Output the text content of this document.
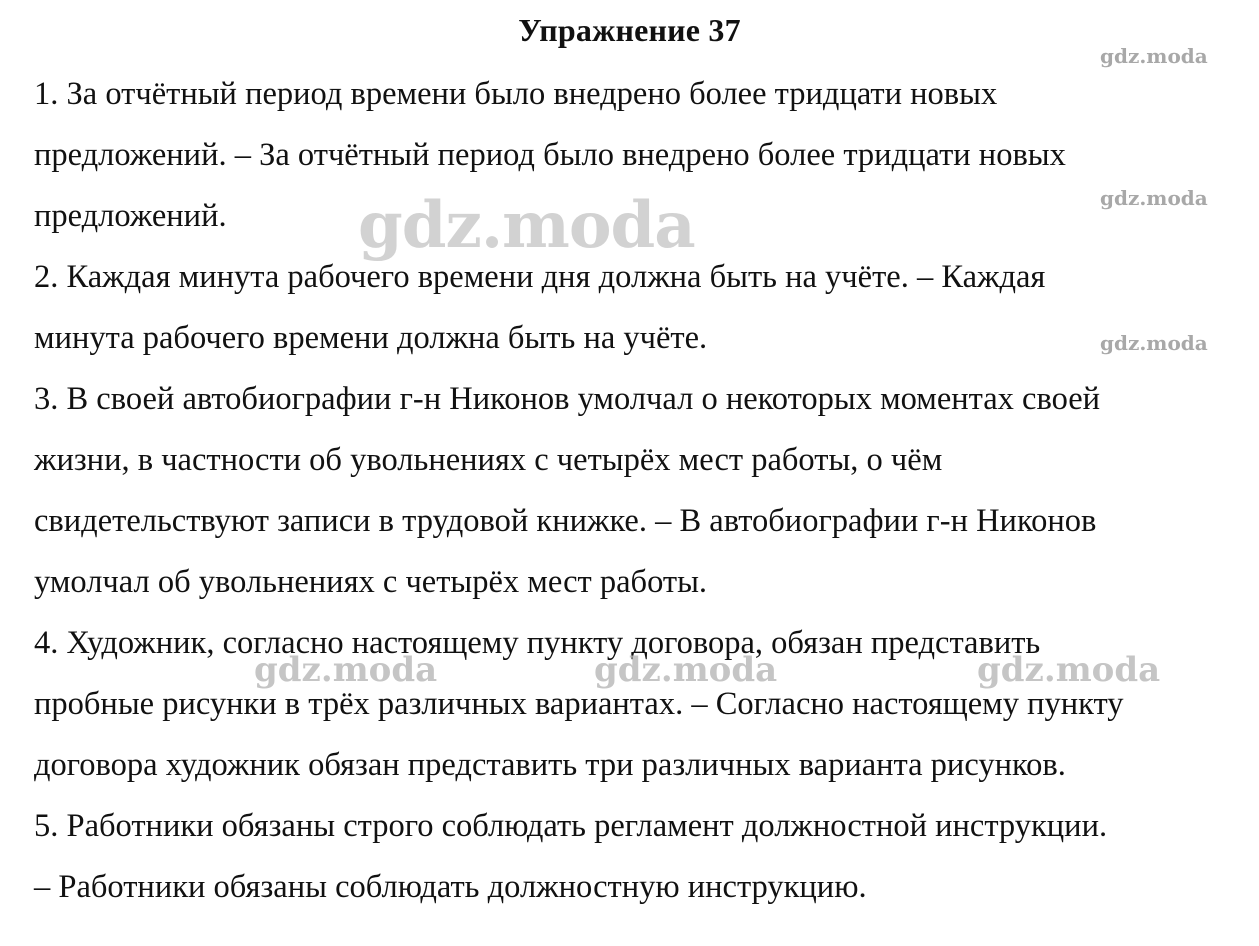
Упражнение 37
1. За отчётный период времени было внедрено более тридцати новых
предложений. – За отчётный период было внедрено более тридцати новых
предложений.
2. Каждая минута рабочего времени дня должна быть на учёте. – Каждая
минута рабочего времени должна быть на учёте.
3. В своей автобиографии г-н Никонов умолчал о некоторых моментах своей
жизни, в частности об увольнениях с четырёх мест работы, о чём
свидетельствуют записи в трудовой книжке. – В автобиографии г-н Никонов
умолчал об увольнениях с четырёх мест работы.
4. Художник, согласно настоящему пункту договора, обязан представить
пробные рисунки в трёх различных вариантах. – Согласно настоящему пункту
договора художник обязан представить три различных варианта рисунков.
5. Работники обязаны строго соблюдать регламент должностной инструкции.
– Работники обязаны соблюдать должностную инструкцию.
gdz.moda
gdz.moda
gdz.moda
gdz.moda
gdz.moda	gdz.moda	gdz.moda
